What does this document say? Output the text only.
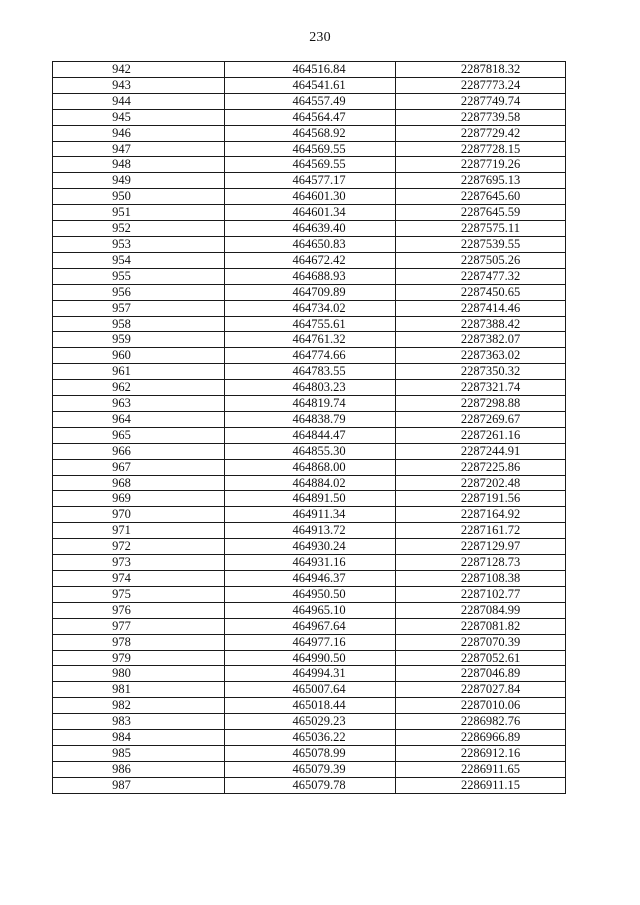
230
942	464516.84	2287818.32
943	464541.61	2287773.24
944	464557.49	2287749.74
945	464564.47	2287739.58
946	464568.92	2287729.42
947	464569.55	2287728.15
948	464569.55	2287719.26
949	464577.17	2287695.13
950	464601.30	2287645.60
951	464601.34	2287645.59
952	464639.40	2287575.11
953	464650.83	2287539.55
954	464672.42	2287505.26
955	464688.93	2287477.32
956	464709.89	2287450.65
957	464734.02	2287414.46
958	464755.61	2287388.42
959	464761.32	2287382.07
960	464774.66	2287363.02
961	464783.55	2287350.32
962	464803.23	2287321.74
963	464819.74	2287298.88
964	464838.79	2287269.67
965	464844.47	2287261.16
966	464855.30	2287244.91
967	464868.00	2287225.86
968	464884.02	2287202.48
969	464891.50	2287191.56
970	464911.34	2287164.92
971	464913.72	2287161.72
972	464930.24	2287129.97
973	464931.16	2287128.73
974	464946.37	2287108.38
975	464950.50	2287102.77
976	464965.10	2287084.99
977	464967.64	2287081.82
978	464977.16	2287070.39
979	464990.50	2287052.61
980	464994.31	2287046.89
981	465007.64	2287027.84
982	465018.44	2287010.06
983	465029.23	2286982.76
984	465036.22	2286966.89
985	465078.99	2286912.16
986	465079.39	2286911.65
987	465079.78	2286911.15
